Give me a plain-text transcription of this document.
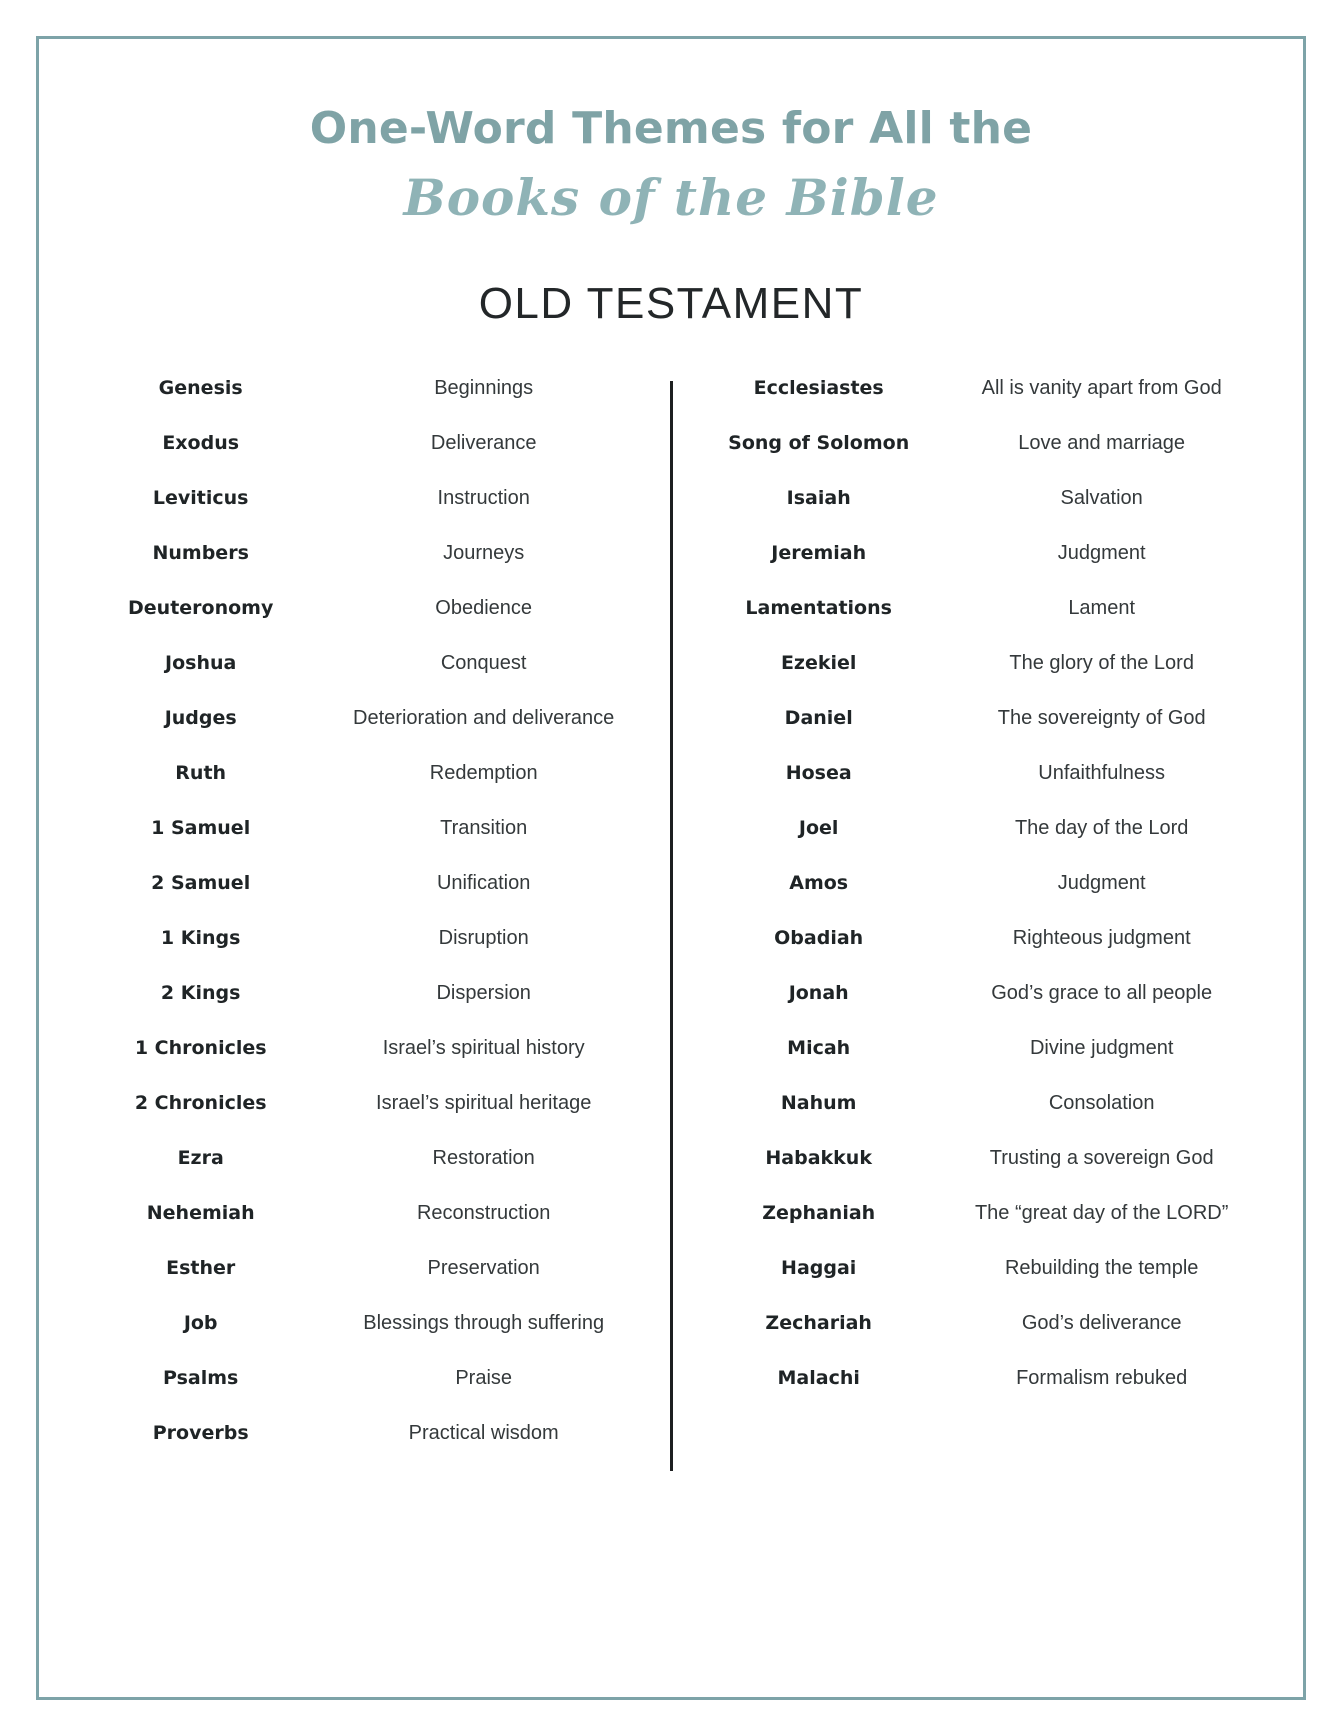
One-Word Themes for All the
Books of the Bible
OLD TESTAMENT
Genesis	Beginnings
Exodus	Deliverance
Leviticus	Instruction
Numbers	Journeys
Deuteronomy	Obedience
Joshua	Conquest
Judges	Deterioration and deliverance
Ruth	Redemption
1 Samuel	Transition
2 Samuel	Unification
1 Kings	Disruption
2 Kings	Dispersion
1 Chronicles	Israel’s spiritual history
2 Chronicles	Israel’s spiritual heritage
Ezra	Restoration
Nehemiah	Reconstruction
Esther	Preservation
Job	Blessings through suffering
Psalms	Praise
Proverbs	Practical wisdom
Ecclesiastes	All is vanity apart from God
Song of Solomon	Love and marriage
Isaiah	Salvation
Jeremiah	Judgment
Lamentations	Lament
Ezekiel	The glory of the Lord
Daniel	The sovereignty of God
Hosea	Unfaithfulness
Joel	The day of the Lord
Amos	Judgment
Obadiah	Righteous judgment
Jonah	God’s grace to all people
Micah	Divine judgment
Nahum	Consolation
Habakkuk	Trusting a sovereign God
Zephaniah	The “great day of the LORD”
Haggai	Rebuilding the temple
Zechariah	God’s deliverance
Malachi	Formalism rebuked
